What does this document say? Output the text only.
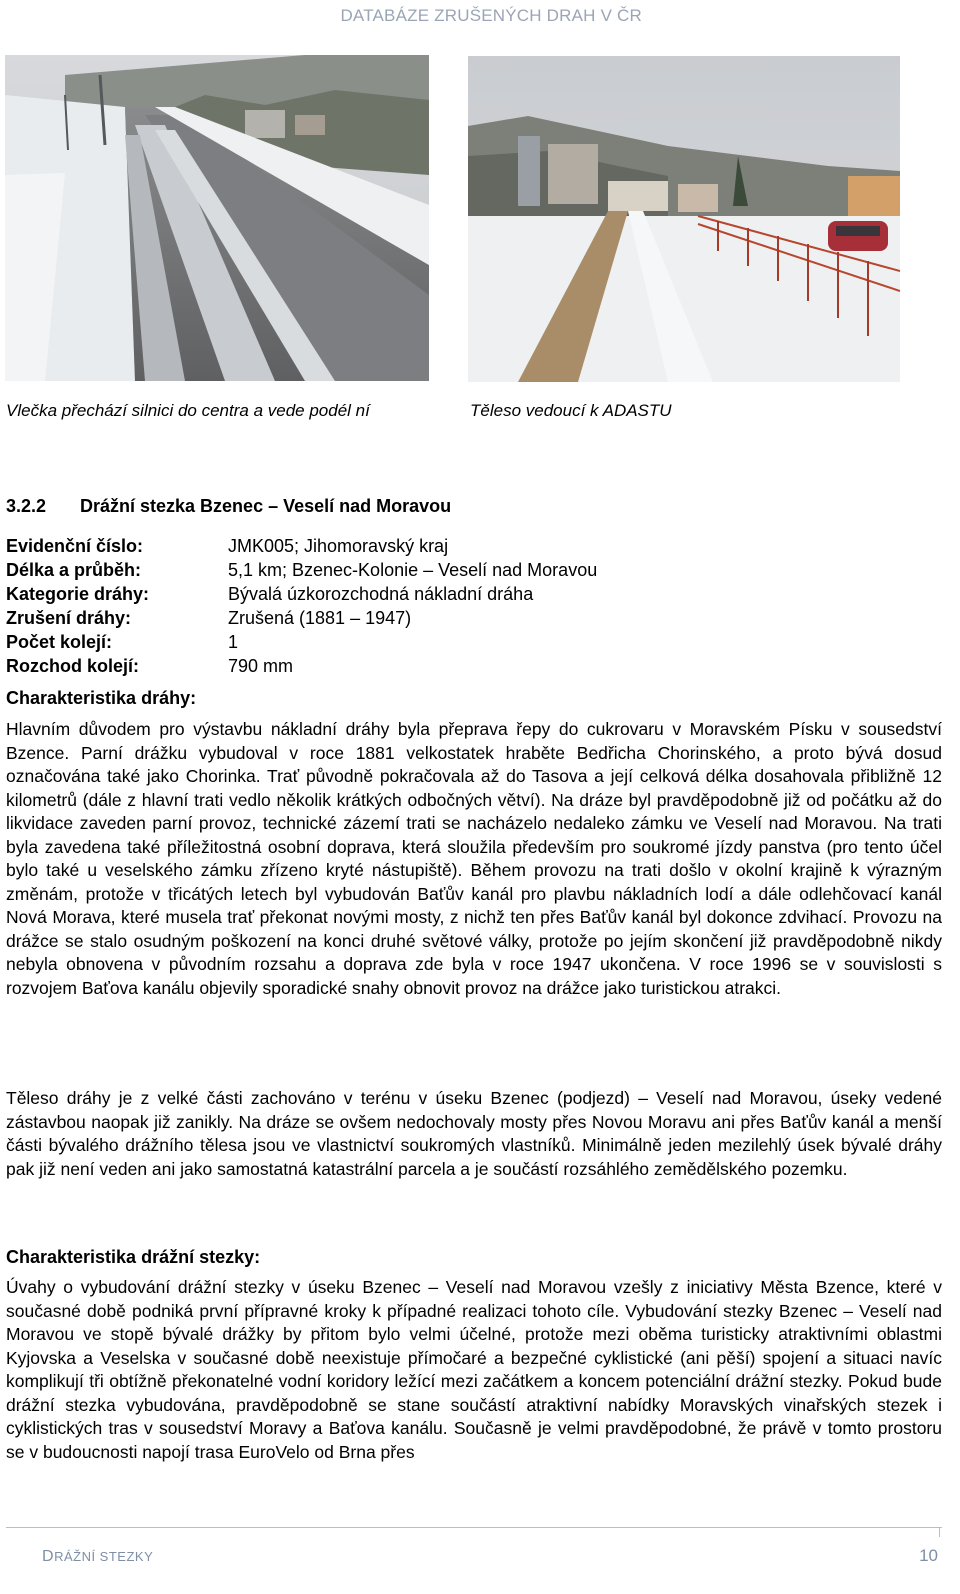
DATABÁZE ZRUŠENÝCH DRAH V ČR
Vlečka přechází silnici do centra a vede podél ní	Těleso vedoucí k ADASTU
3.2.2 Drážní stezka Bzenec – Veselí nad Moravou
Evidenční číslo:	JMK005; Jihomoravský kraj
Délka a průběh:	5,1 km; Bzenec-Kolonie – Veselí nad Moravou
Kategorie dráhy:	Bývalá úzkorozchodná nákladní dráha
Zrušení dráhy:	Zrušená (1881 – 1947)
Počet kolejí:	1
Rozchod kolejí:	790 mm
Charakteristika dráhy:

Hlavním důvodem pro výstavbu nákladní dráhy byla přeprava řepy do cukrovaru v Moravském Písku v sousedství Bzence. Parní drážku vybudoval v roce 1881 velkostatek hraběte Bedřicha Chorinského, a proto bývá dosud označována také jako Chorinka. Trať původně pokračovala až do Tasova a její celková délka dosahovala přibližně 12 kilometrů (dále z hlavní trati vedlo několik krátkých odbočných větví). Na dráze byl pravděpodobně již od počátku až do likvidace zaveden parní provoz, technické zázemí trati se nacházelo nedaleko zámku ve Veselí nad Moravou. Na trati byla zavedena také příležitostná osobní doprava, která sloužila především pro soukromé jízdy panstva (pro tento účel bylo také u veselského zámku zřízeno kryté nástupiště). Během provozu na trati došlo v okolní krajině k výrazným změnám, protože v třicátých letech byl vybudován Baťův kanál pro plavbu nákladních lodí a dále odlehčovací kanál Nová Morava, které musela trať překonat novými mosty, z nichž ten přes Baťův kanál byl dokonce zdvihací. Provozu na drážce se stalo osudným poškození na konci druhé světové války, protože po jejím skončení již pravděpodobně nikdy nebyla obnovena v původním rozsahu a doprava zde byla v roce 1947 ukončena. V roce 1996 se v souvislosti s rozvojem Baťova kanálu objevily sporadické snahy obnovit provoz na drážce jako turistickou atrakci.

Těleso dráhy je z velké části zachováno v terénu v úseku Bzenec (podjezd) – Veselí nad Moravou, úseky vedené zástavbou naopak již zanikly. Na dráze se ovšem nedochovaly mosty přes Novou Moravu ani přes Baťův kanál a menší části bývalého drážního tělesa jsou ve vlastnictví soukromých vlastníků. Minimálně jeden mezilehlý úsek bývalé dráhy pak již není veden ani jako samostatná katastrální parcela a je součástí rozsáhlého zemědělského pozemku.

Charakteristika drážní stezky:

Úvahy o vybudování drážní stezky v úseku Bzenec – Veselí nad Moravou vzešly z iniciativy Města Bzence, které v současné době podniká první přípravné kroky k případné realizaci tohoto cíle. Vybudování stezky Bzenec – Veselí nad Moravou ve stopě bývalé drážky by přitom bylo velmi účelné, protože mezi oběma turisticky atraktivními oblastmi Kyjovska a Veselska v současné době neexistuje přímočaré a bezpečné cyklistické (ani pěší) spojení a situaci navíc komplikují tři obtížně překonatelné vodní koridory ležící mezi začátkem a koncem potenciální drážní stezky. Pokud bude drážní stezka vybudována, pravděpodobně se stane součástí atraktivní nabídky Moravských vinařských stezek i cyklistických tras v sousedství Moravy a Baťova kanálu. Současně je velmi pravděpodobné, že právě v tomto prostoru se v budoucnosti napojí trasa EuroVelo od Brna přes

DRÁŽNÍ STEZKY	10
